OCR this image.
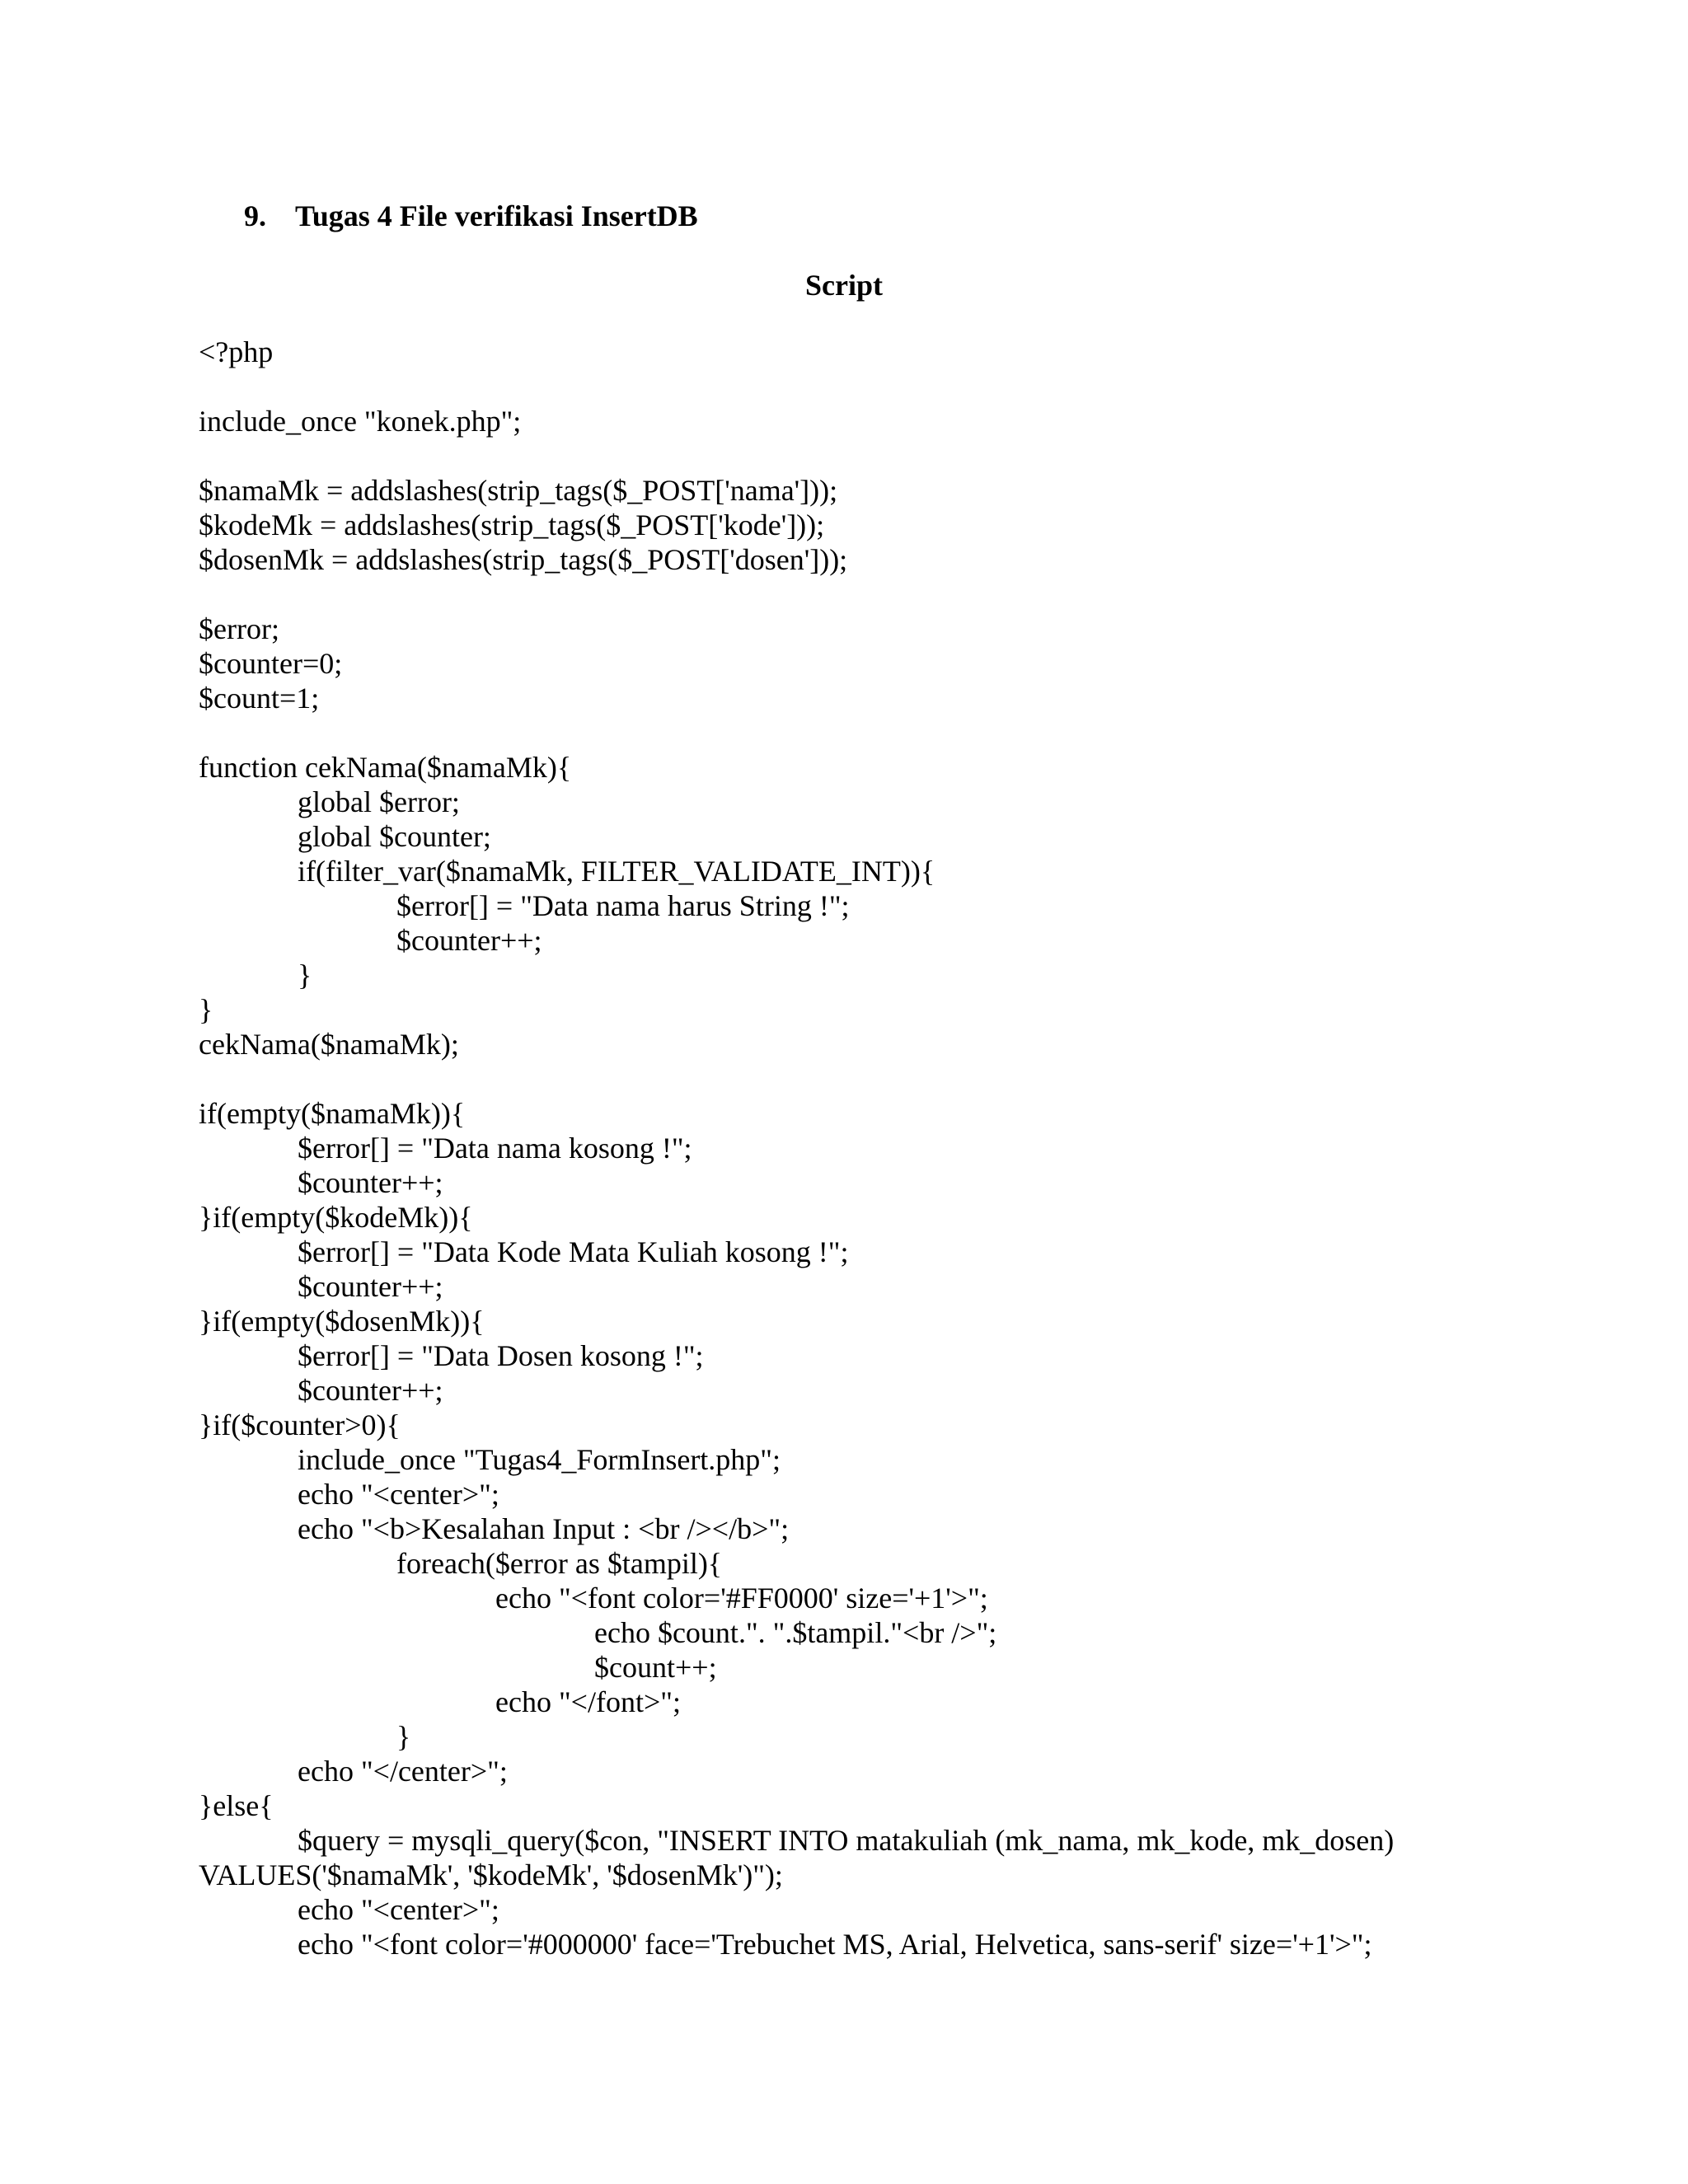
9. Tugas 4 File verifikasi InsertDB
Script
<?php
include_once "konek.php";
$namaMk = addslashes(strip_tags($_POST['nama']));
$kodeMk = addslashes(strip_tags($_POST['kode']));
$dosenMk = addslashes(strip_tags($_POST['dosen']));
$error;
$counter=0;
$count=1;
function cekNama($namaMk){
global $error;
global $counter;
if(filter_var($namaMk, FILTER_VALIDATE_INT)){
$error[] = "Data nama harus String !";
$counter++;
}
}
cekNama($namaMk);
if(empty($namaMk)){
$error[] = "Data nama kosong !";
$counter++;
}if(empty($kodeMk)){
$error[] = "Data Kode Mata Kuliah kosong !";
$counter++;
}if(empty($dosenMk)){
$error[] = "Data Dosen kosong !";
$counter++;
}if($counter>0){
include_once "Tugas4_FormInsert.php";
echo "<center>";
echo "<b>Kesalahan Input : <br /></b>";
foreach($error as $tampil){
echo "<font color='#FF0000' size='+1'>";
echo $count.". ".$tampil."<br />";
$count++;
echo "</font>";
}
echo "</center>";
}else{
$query = mysqli_query($con, "INSERT INTO matakuliah (mk_nama, mk_kode, mk_dosen)
VALUES('$namaMk', '$kodeMk', '$dosenMk')");
echo "<center>";
echo "<font color='#000000' face='Trebuchet MS, Arial, Helvetica, sans-serif' size='+1'>";
